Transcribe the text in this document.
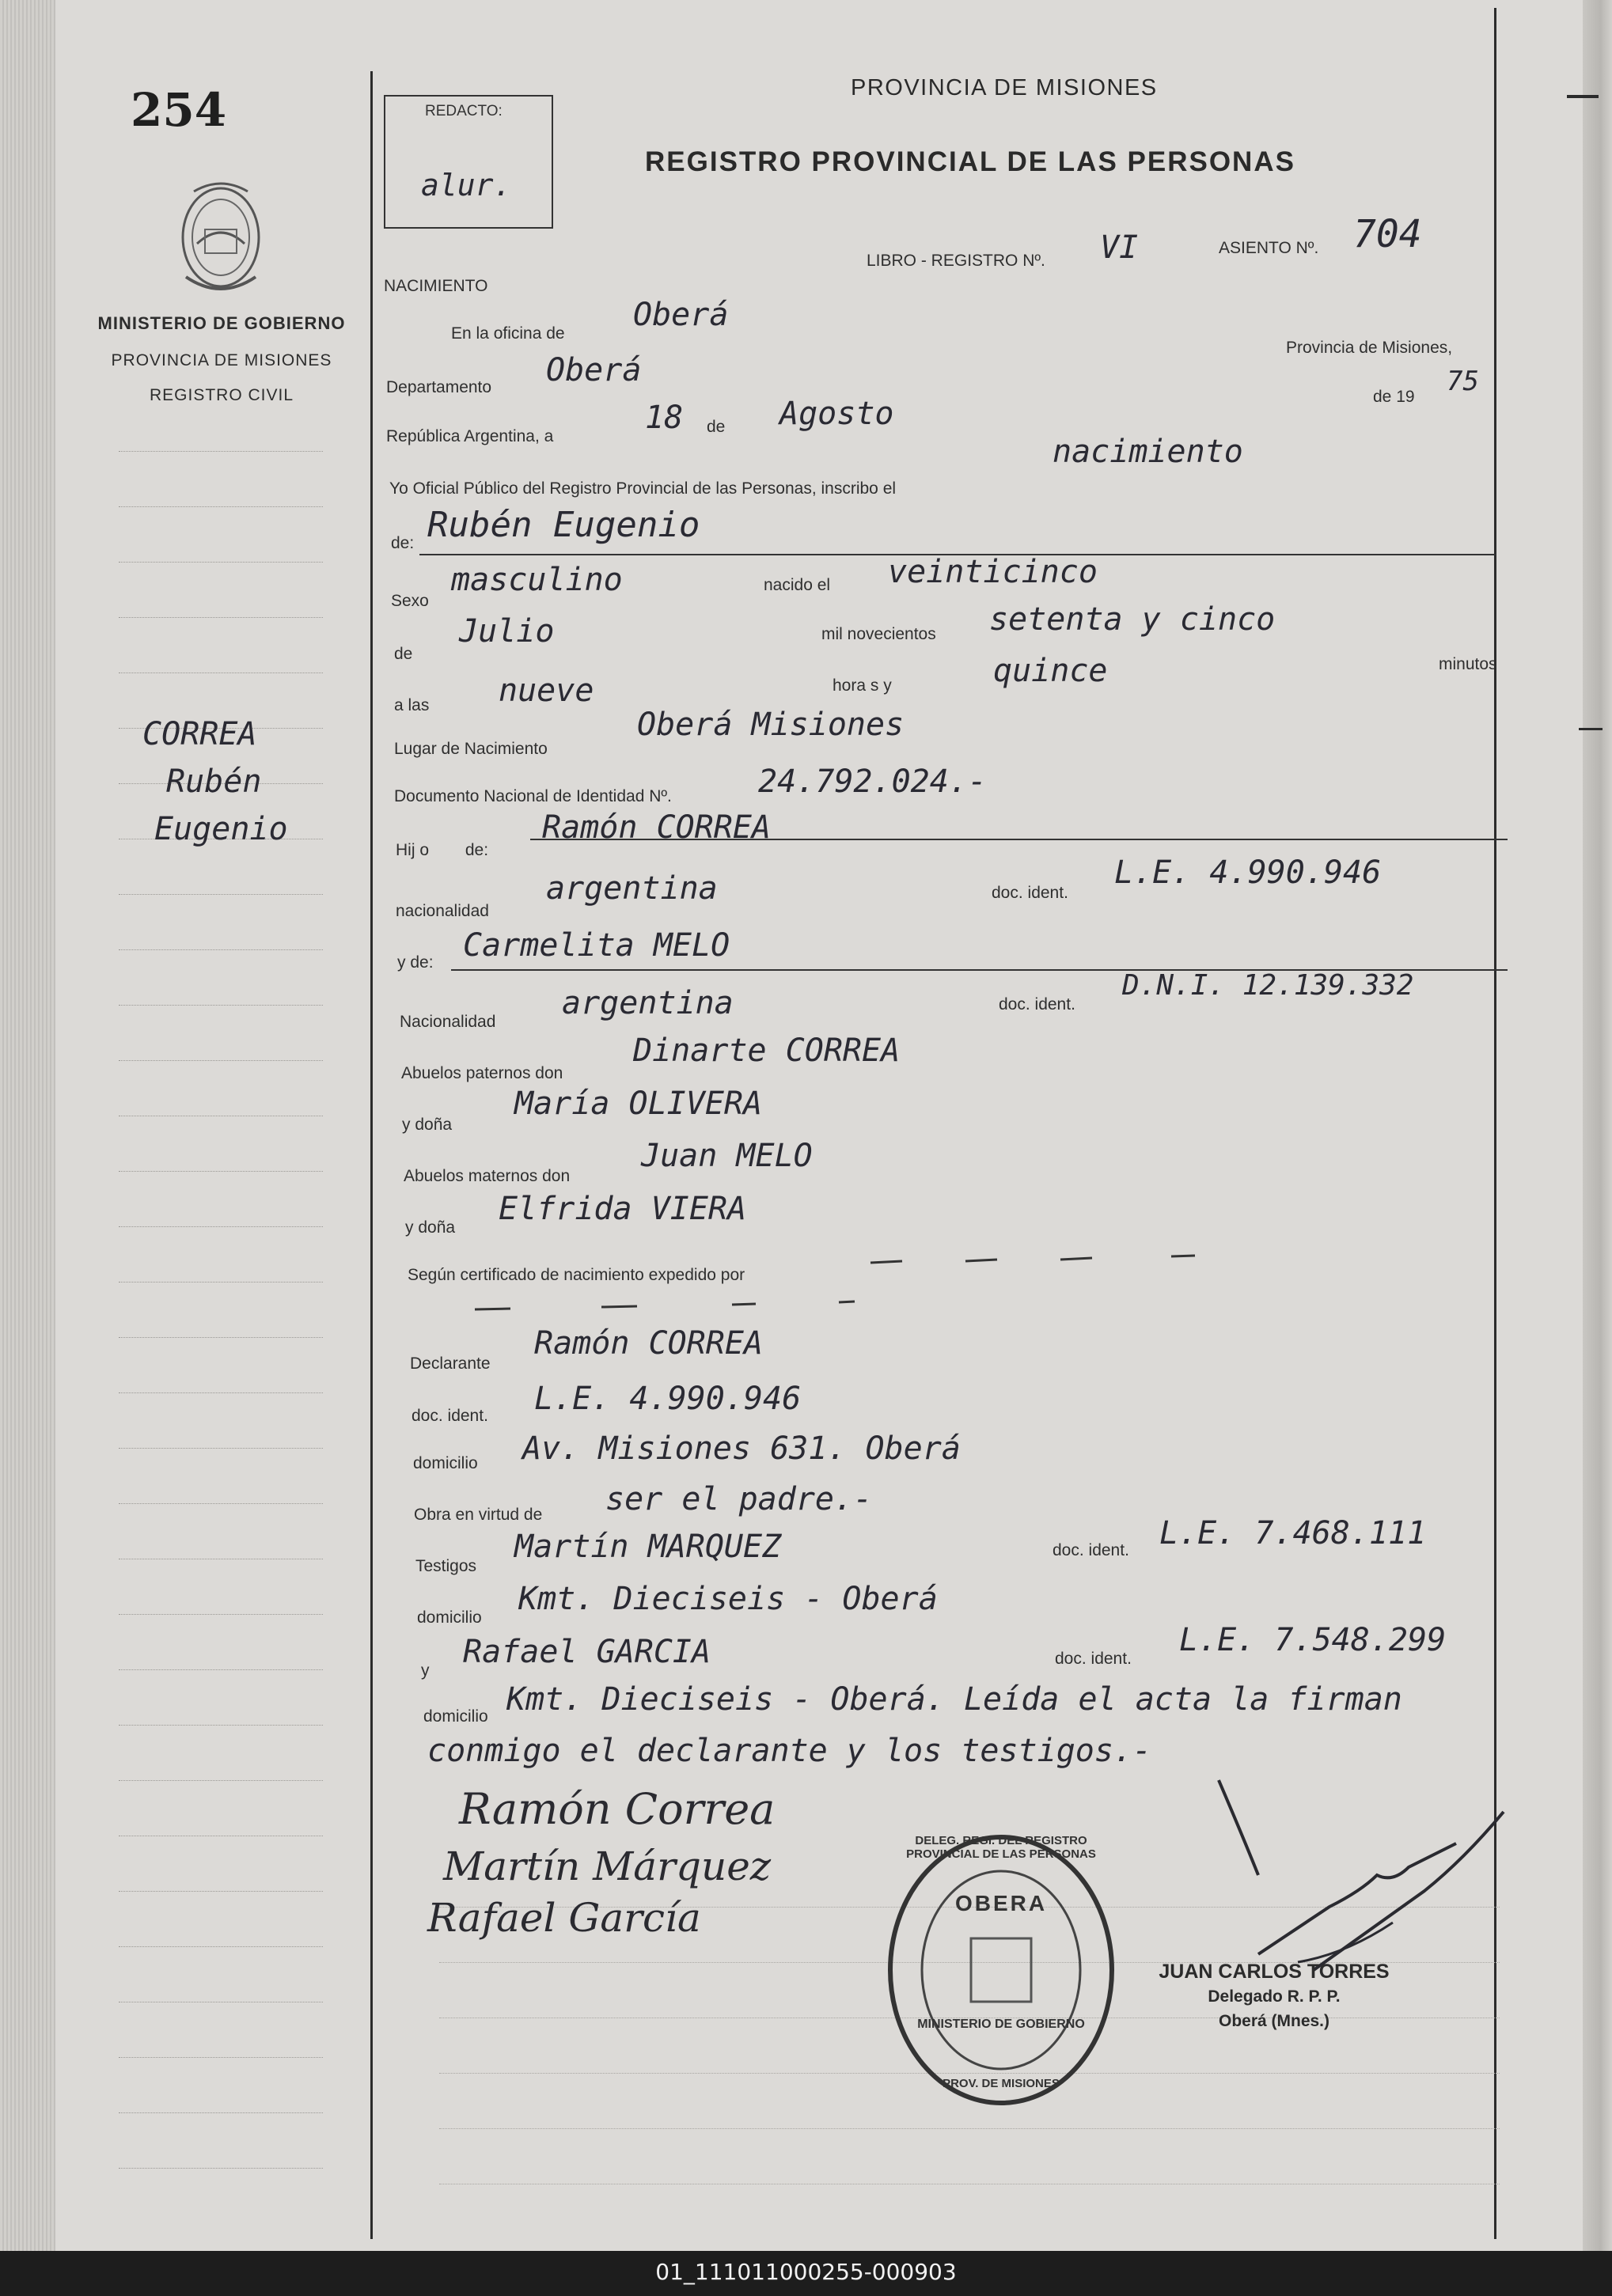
254
MINISTERIO DE GOBIERNO
PROVINCIA DE MISIONES
REGISTRO CIVIL
CORREA
Rubén
Eugenio
REDACTO:
alur.
PROVINCIA DE MISIONES
REGISTRO PROVINCIAL DE LAS PERSONAS
LIBRO - REGISTRO Nº. VI	ASIENTO Nº. 704
NACIMIENTO
En la oficina de
Oberá
Provincia de Misiones,
Departamento Oberá
de 19 75
República Argentina, a
18 de Agosto
Yo Oficial Público del Registro Provincial de las Personas, inscribo el
nacimiento
de: Rubén Eugenio
Sexo
masculino	nacido el veinticinco
de
Julio	mil novecientos setenta y cinco
a las nueve	hora s y	quince	minutos
Lugar de Nacimiento
Oberá Misiones
Documento Nacional de Identidad Nº.	24.792.024.-
Hij o de:
Ramón CORREA
nacionalidad
argentina	doc. ident.
L.E. 4.990.946
y de: Carmelita MELO
Nacionalidad
argentina	doc. ident.
D.N.I. 12.139.332
Abuelos paternos don
Dinarte CORREA
y doña
María OLIVERA
Abuelos maternos don
Juan MELO
y doña
Elfrida VIERA
Según certificado de nacimiento expedido por
Declarante
Ramón CORREA
doc. ident. L.E. 4.990.946
domicilio Av. Misiones 631. Oberá
Obra en virtud de ser el padre.-
Testigos
Martín MARQUEZ	doc. ident. L.E. 7.468.111
domicilio
Kmt. Dieciseis - Oberá
y
Rafael GARCIA	doc. ident.
L.E. 7.548.299
domicilio Kmt. Dieciseis - Oberá. Leída el acta la firman
conmigo el declarante y los testigos.-
Ramón Correa
Martín Márquez
Rafael García
DELEG. REGI. DEL REGISTRO PROVINCIAL DE LAS PERSONAS
OBERA
MINISTERIO DE GOBIERNO
PROV. DE MISIONES
JUAN CARLOS TORRES
Delegado R. P. P.
Oberá (Mnes.)
01_111011000255-000903
